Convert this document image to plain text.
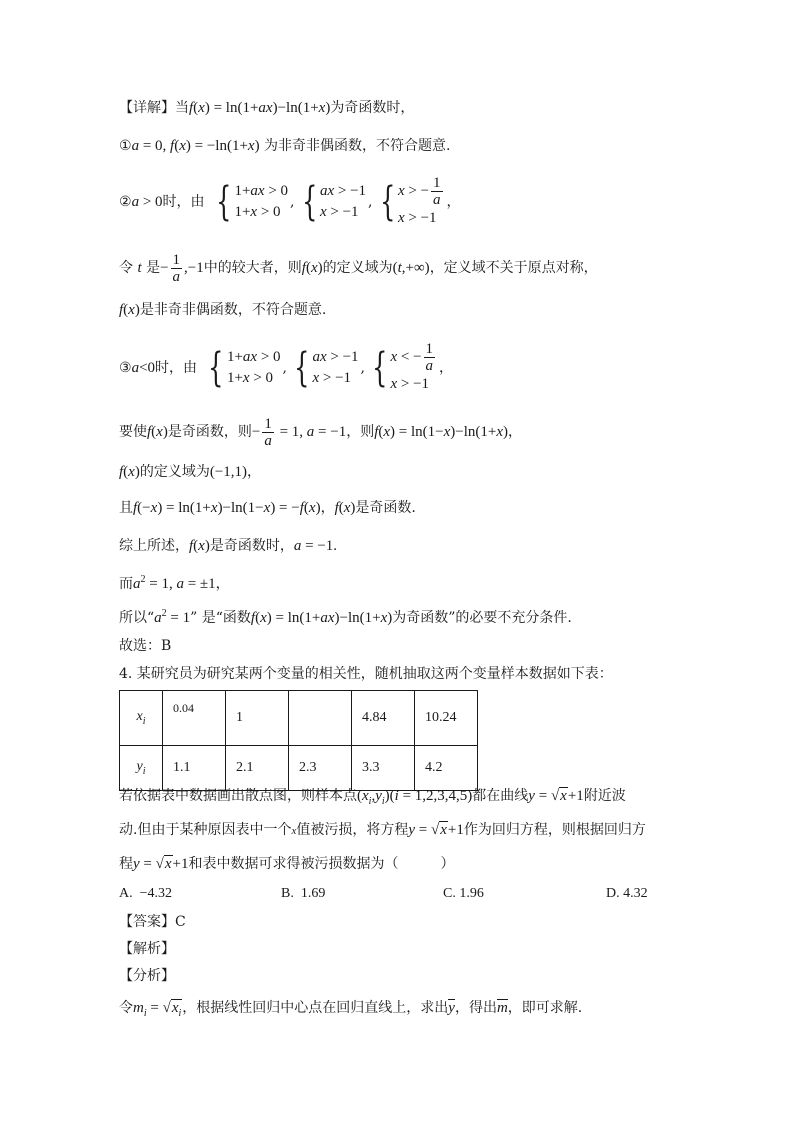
【详解】当f(x) = ln(1+ax)−ln(1+x)为奇函数时，
①a = 0, f(x) = −ln(1+x) 为非奇非偶函数，不符合题意.
②a > 0时，由 { 1+ax > 0
1+x > 0
, { ax > −1
x > −1
, { x > − $\frac{1}{a}$
x > −1
，
令 t 是− $\frac{1}{a} ,-1$中的较大者，则f(x)的定义域为(t,+∞)，定义域不关于原点对称，
f(x)是非奇非偶函数，不符合题意.
③a<0时，由 { 1+ax > 0
1+x > 0
, { ax > −1
x > −1
, { x < − $\frac{1}{a}$
x > −1
，
要使f(x)是奇函数，则− $\frac{1}{a} = 1$, a = −1，则f(x) = ln(1−x)−ln(1+x)，
f(x)的定义域为(−1,1)，
且f(−x) = ln(1+x)−ln(1−x) = −f(x)，f(x)是奇函数.
综上所述，f(x)是奇函数时，a = −1.
而$a^2 = 1$, a = ±1，
所以“$a^2 = 1$” 是“函数f(x) = ln(1+ax)−ln(1+x)为奇函数”的必要不充分条件.
故选：B
4. 某研究员为研究某两个变量的相关性，随机抽取这两个变量样本数据如下表：
$x_i$	0.04	1		4.84	10.24
$y_i$	1.1	2.1	2.3	3.3	4.2
若依据表中数据画出散点图，则样本点$(x_i,y_i)(i = 1,2,3,4,5)$都在曲线y = √x+1附近波
动.但由于某种原因表中一个x值被污损，将方程y = √x+1作为回归方程，则根据回归方
程y = √x+1和表中数据可求得被污损数据为（　　　）
A. −4.32	B. 1.69	C. 1.96	D. 4.32
【答案】C
【解析】
【分析】
令$m_i = √x_i$，根据线性回归中心点在回归直线上，求出y，得出m，即可求解.
